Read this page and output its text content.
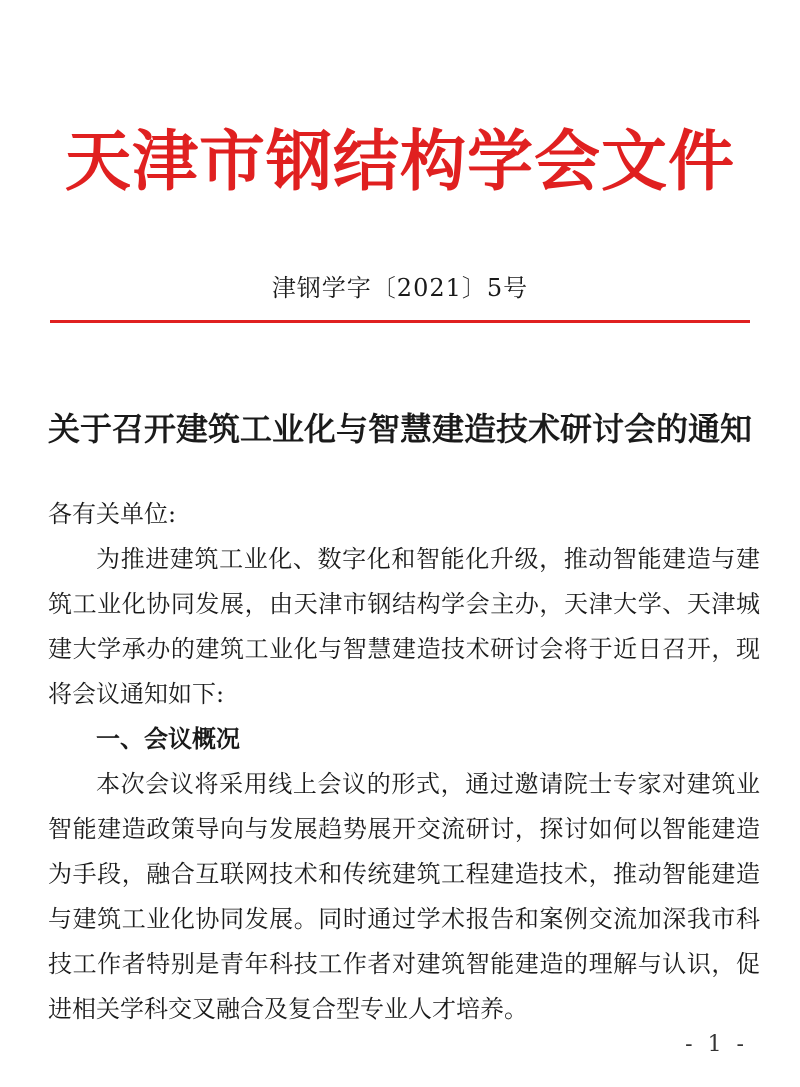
天津市钢结构学会文件
津钢学字〔2021〕5号
关于召开建筑工业化与智慧建造技术研讨会的通知
各有关单位:
为推进建筑工业化、数字化和智能化升级，推动智能建造与建
筑工业化协同发展，由天津市钢结构学会主办，天津大学、天津城
建大学承办的建筑工业化与智慧建造技术研讨会将于近日召开，现
将会议通知如下:
一、会议概况
本次会议将采用线上会议的形式，通过邀请院士专家对建筑业
智能建造政策导向与发展趋势展开交流研讨，探讨如何以智能建造
为手段，融合互联网技术和传统建筑工程建造技术，推动智能建造
与建筑工业化协同发展。同时通过学术报告和案例交流加深我市科
技工作者特别是青年科技工作者对建筑智能建造的理解与认识，促
进相关学科交叉融合及复合型专业人才培养。
- 1 -
